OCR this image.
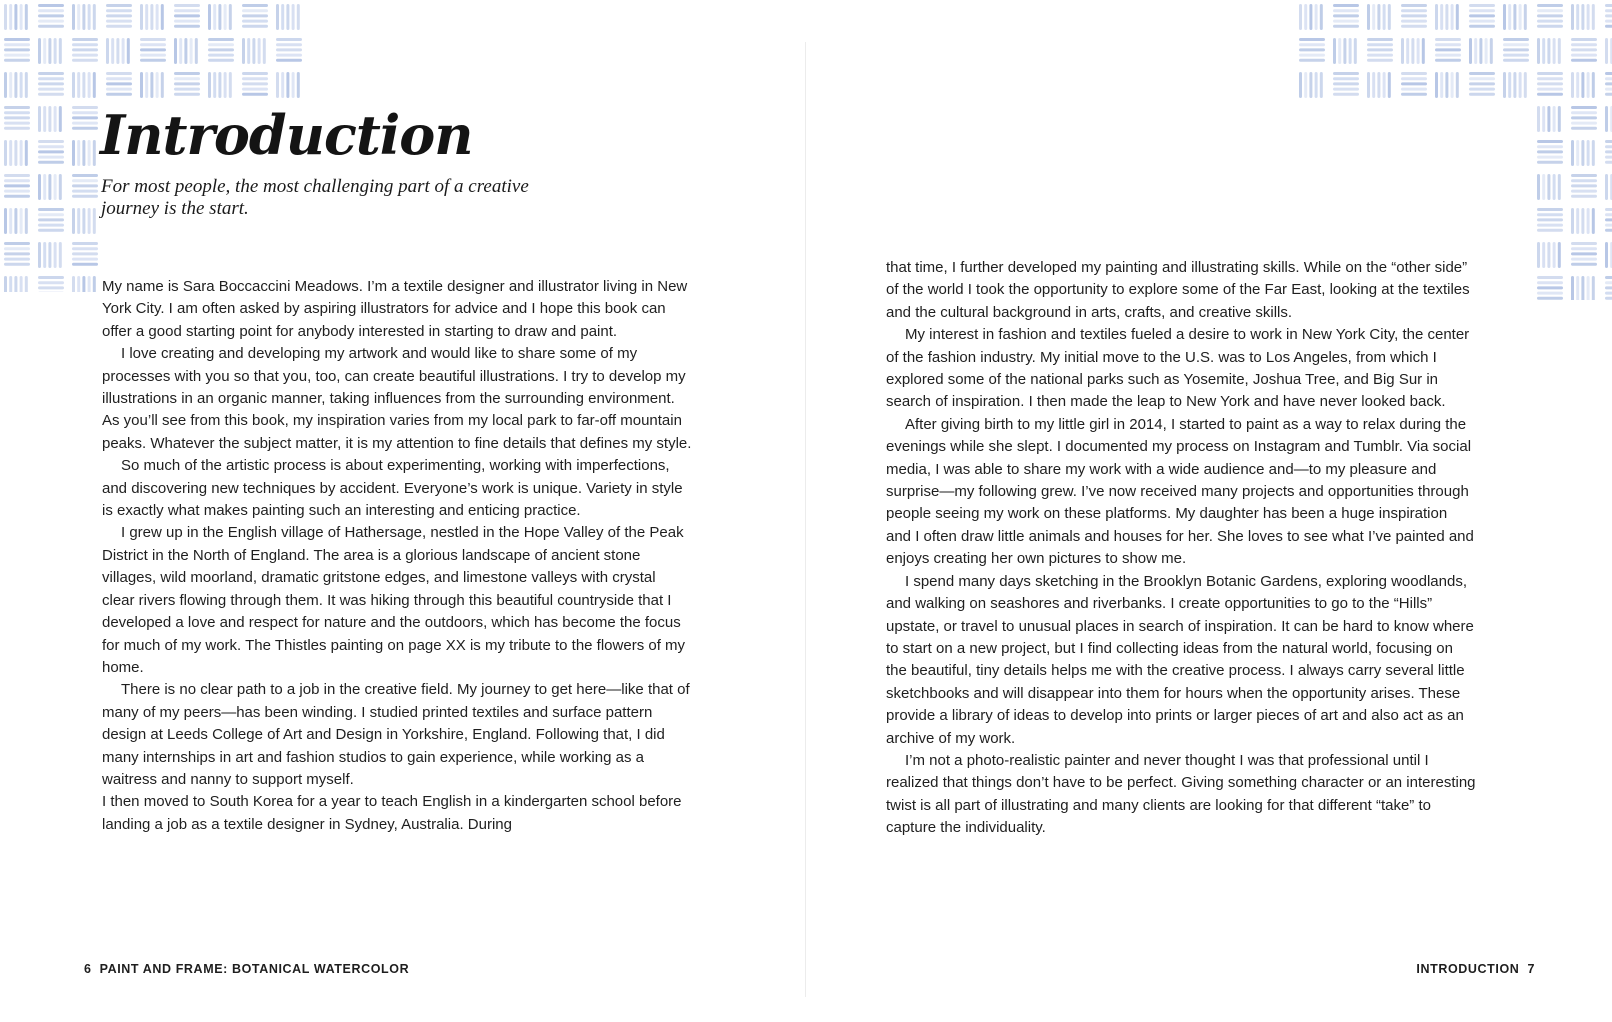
Introduction

For most people, the most challenging part of a creative journey is the start.

My name is Sara Boccaccini Meadows. I’m a textile designer and illustrator living in New York City. I am often asked by aspiring illustrators for advice and I hope this book can offer a good starting point for anybody interested in starting to draw and paint.

I love creating and developing my artwork and would like to share some of my processes with you so that you, too, can create beautiful illustrations. I try to develop my illustrations in an organic manner, taking influences from the surrounding environment.

As you’ll see from this book, my inspiration varies from my local park to far-off mountain peaks. Whatever the subject matter, it is my attention to fine details that defines my style.

So much of the artistic process is about experimenting, working with imperfections, and discovering new techniques by accident. Everyone’s work is unique. Variety in style is exactly what makes painting such an interesting and enticing practice.

I grew up in the English village of Hathersage, nestled in the Hope Valley of the Peak District in the North of England. The area is a glorious landscape of ancient stone villages, wild moorland, dramatic gritstone edges, and limestone valleys with crystal clear rivers flowing through them. It was hiking through this beautiful countryside that I developed a love and respect for nature and the outdoors, which has become the focus for much of my work. The Thistles painting on page XX is my tribute to the flowers of my home.

There is no clear path to a job in the creative field. My journey to get here—like that of many of my peers—has been winding. I studied printed textiles and surface pattern design at Leeds College of Art and Design in Yorkshire, England. Following that, I did many internships in art and fashion studios to gain experience, while working as a waitress and nanny to support myself.

I then moved to South Korea for a year to teach English in a kindergarten school before landing a job as a textile designer in Sydney, Australia. During

6 PAINT AND FRAME: BOTANICAL WATERCOLOR

that time, I further developed my painting and illustrating skills. While on the “other side” of the world I took the opportunity to explore some of the Far East, looking at the textiles and the cultural background in arts, crafts, and creative skills.

My interest in fashion and textiles fueled a desire to work in New York City, the center of the fashion industry. My initial move to the U.S. was to Los Angeles, from which I explored some of the national parks such as Yosemite, Joshua Tree, and Big Sur in search of inspiration. I then made the leap to New York and have never looked back.

After giving birth to my little girl in 2014, I started to paint as a way to relax during the evenings while she slept. I documented my process on Instagram and Tumblr. Via social media, I was able to share my work with a wide audience and—to my pleasure and surprise—my following grew. I’ve now received many projects and opportunities through people seeing my work on these platforms. My daughter has been a huge inspiration and I often draw little animals and houses for her. She loves to see what I’ve painted and enjoys creating her own pictures to show me.

I spend many days sketching in the Brooklyn Botanic Gardens, exploring woodlands, and walking on seashores and riverbanks. I create opportunities to go to the “Hills” upstate, or travel to unusual places in search of inspiration. It can be hard to know where to start on a new project, but I find collecting ideas from the natural world, focusing on the beautiful, tiny details helps me with the creative process. I always carry several little sketchbooks and will disappear into them for hours when the opportunity arises. These provide a library of ideas to develop into prints or larger pieces of art and also act as an archive of my work.

I’m not a photo-realistic painter and never thought I was that professional until I realized that things don’t have to be perfect. Giving something character or an interesting twist is all part of illustrating and many clients are looking for that different “take” to capture the individuality.

INTRODUCTION 7
